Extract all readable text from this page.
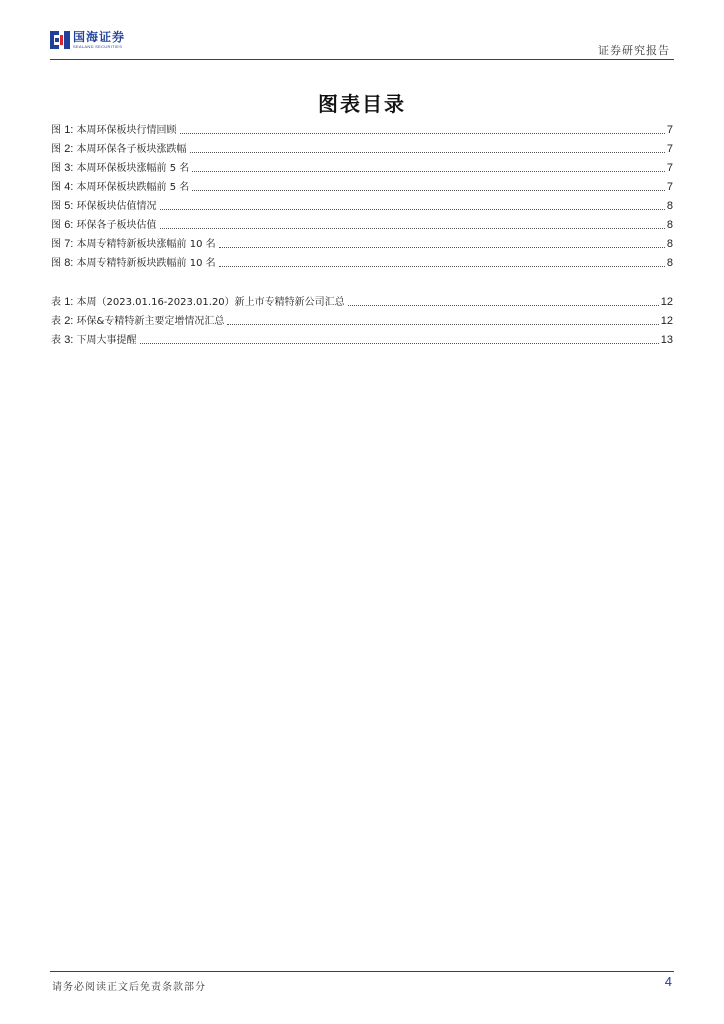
国海证券
SEALAND SECURITIES	证券研究报告
图表目录
图 1: 本周环保板块行情回顾	7
图 2: 本周环保各子板块涨跌幅	7
图 3: 本周环保板块涨幅前 5 名	7
图 4: 本周环保板块跌幅前 5 名	7
图 5: 环保板块估值情况	8
图 6: 环保各子板块估值	8
图 7: 本周专精特新板块涨幅前 10 名	8
图 8: 本周专精特新板块跌幅前 10 名	8
表 1: 本周（2023.01.16-2023.01.20）新上市专精特新公司汇总	12
表 2: 环保&专精特新主要定增情况汇总	12
表 3: 下周大事提醒	13
请务必阅读正文后免责条款部分	4
